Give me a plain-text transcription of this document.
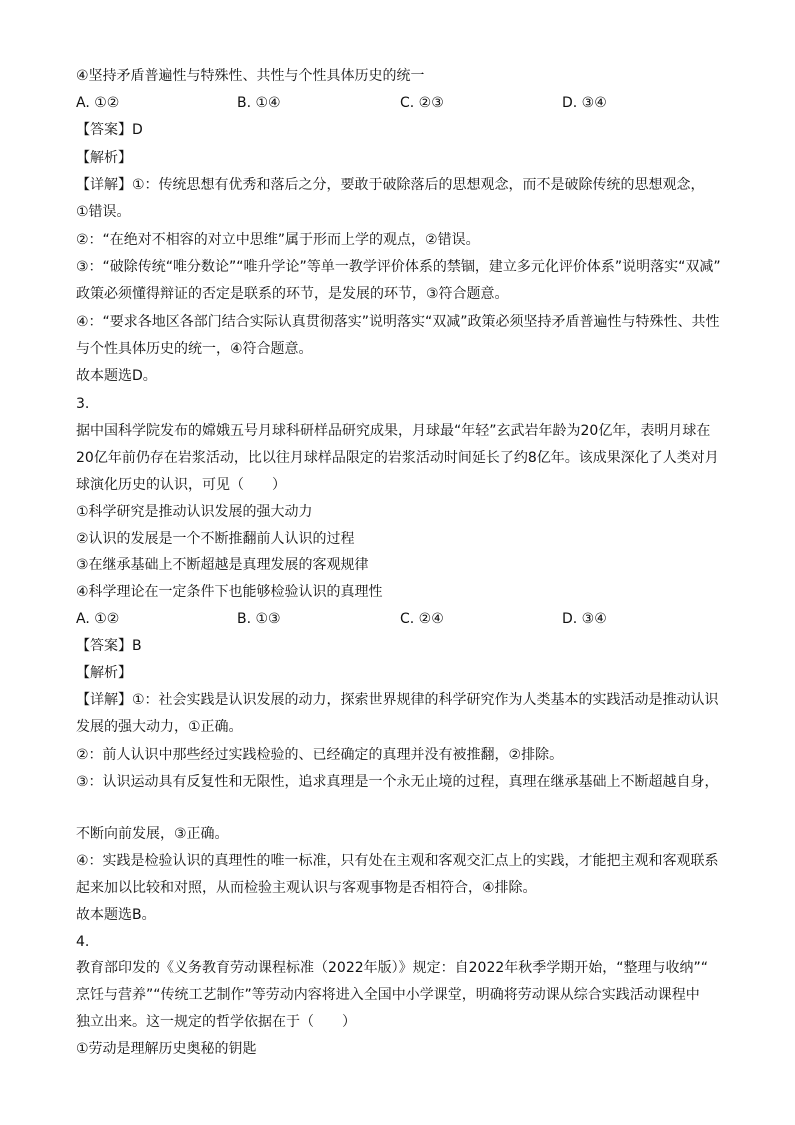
④坚持矛盾普遍性与特殊性、共性与个性具体历史的统一
A. ①②	B. ①④	C. ②③	D. ③④
【答案】D
【解析】
【详解】①：传统思想有优秀和落后之分，要敢于破除落后的思想观念，而不是破除传统的思想观念，
①错误。
②：“在绝对不相容的对立中思维”属于形而上学的观点，②错误。
③：“破除传统“唯分数论”“唯升学论”等单一教学评价体系的禁锢，建立多元化评价体系”说明落实“双减”
政策必须懂得辩证的否定是联系的环节，是发展的环节，③符合题意。
④：“要求各地区各部门结合实际认真贯彻落实”说明落实“双减”政策必须坚持矛盾普遍性与特殊性、共性
与个性具体历史的统一，④符合题意。
故本题选D。
3.
据中国科学院发布的嫦娥五号月球科研样品研究成果，月球最“年轻”玄武岩年龄为20亿年，表明月球在
20亿年前仍存在岩浆活动，比以往月球样品限定的岩浆活动时间延长了约8亿年。该成果深化了人类对月
球演化历史的认识，可见（　　）
①科学研究是推动认识发展的强大动力
②认识的发展是一个不断推翻前人认识的过程
③在继承基础上不断超越是真理发展的客观规律
④科学理论在一定条件下也能够检验认识的真理性
A. ①②	B. ①③	C. ②④	D. ③④
【答案】B
【解析】
【详解】①：社会实践是认识发展的动力，探索世界规律的科学研究作为人类基本的实践活动是推动认识
发展的强大动力，①正确。
②：前人认识中那些经过实践检验的、已经确定的真理并没有被推翻，②排除。
③：认识运动具有反复性和无限性，追求真理是一个永无止境的过程，真理在继承基础上不断超越自身，
不断向前发展，③正确。
④：实践是检验认识的真理性的唯一标准，只有处在主观和客观交汇点上的实践，才能把主观和客观联系
起来加以比较和对照，从而检验主观认识与客观事物是否相符合，④排除。
故本题选B。
4.
教育部印发的《义务教育劳动课程标准（2022年版）》规定：自2022年秋季学期开始，“整理与收纳”“
烹饪与营养”“传统工艺制作”等劳动内容将进入全国中小学课堂，明确将劳动课从综合实践活动课程中
独立出来。这一规定的哲学依据在于（　　）
①劳动是理解历史奥秘的钥匙
